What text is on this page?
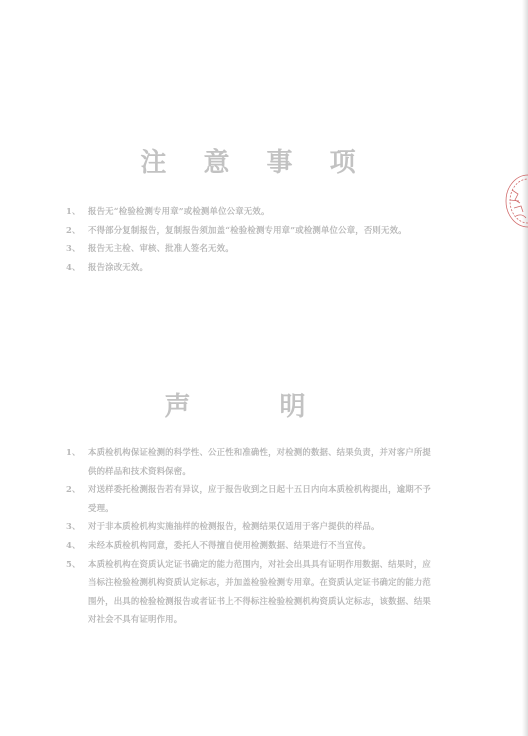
注 意 事 项
1、 报告无“检验检测专用章”或检测单位公章无效。
2、 不得部分复制报告，复制报告须加盖“检验检测专用章”或检测单位公章，否则无效。
3、 报告无主检、审核、批准人签名无效。
4、 报告涂改无效。
声 明
1、 本质检机构保证检测的科学性、公正性和准确性，对检测的数据、结果负责，并对客户所提供的样品和技术资料保密。
2、 对送样委托检测报告若有异议，应于报告收到之日起十五日内向本质检机构提出，逾期不予受理。
3、 对于非本质检机构实施抽样的检测报告，检测结果仅适用于客户提供的样品。
4、 未经本质检机构同意，委托人不得擅自使用检测数据、结果进行不当宣传。
5、 本质检机构在资质认定证书确定的能力范围内，对社会出具具有证明作用数据、结果时，应当标注检验检测机构资质认定标志，并加盖检验检测专用章。在资质认定证书确定的能力范围外，出具的检验检测报告或者证书上不得标注检验检测机构资质认定标志，该数据、结果对社会不具有证明作用。
